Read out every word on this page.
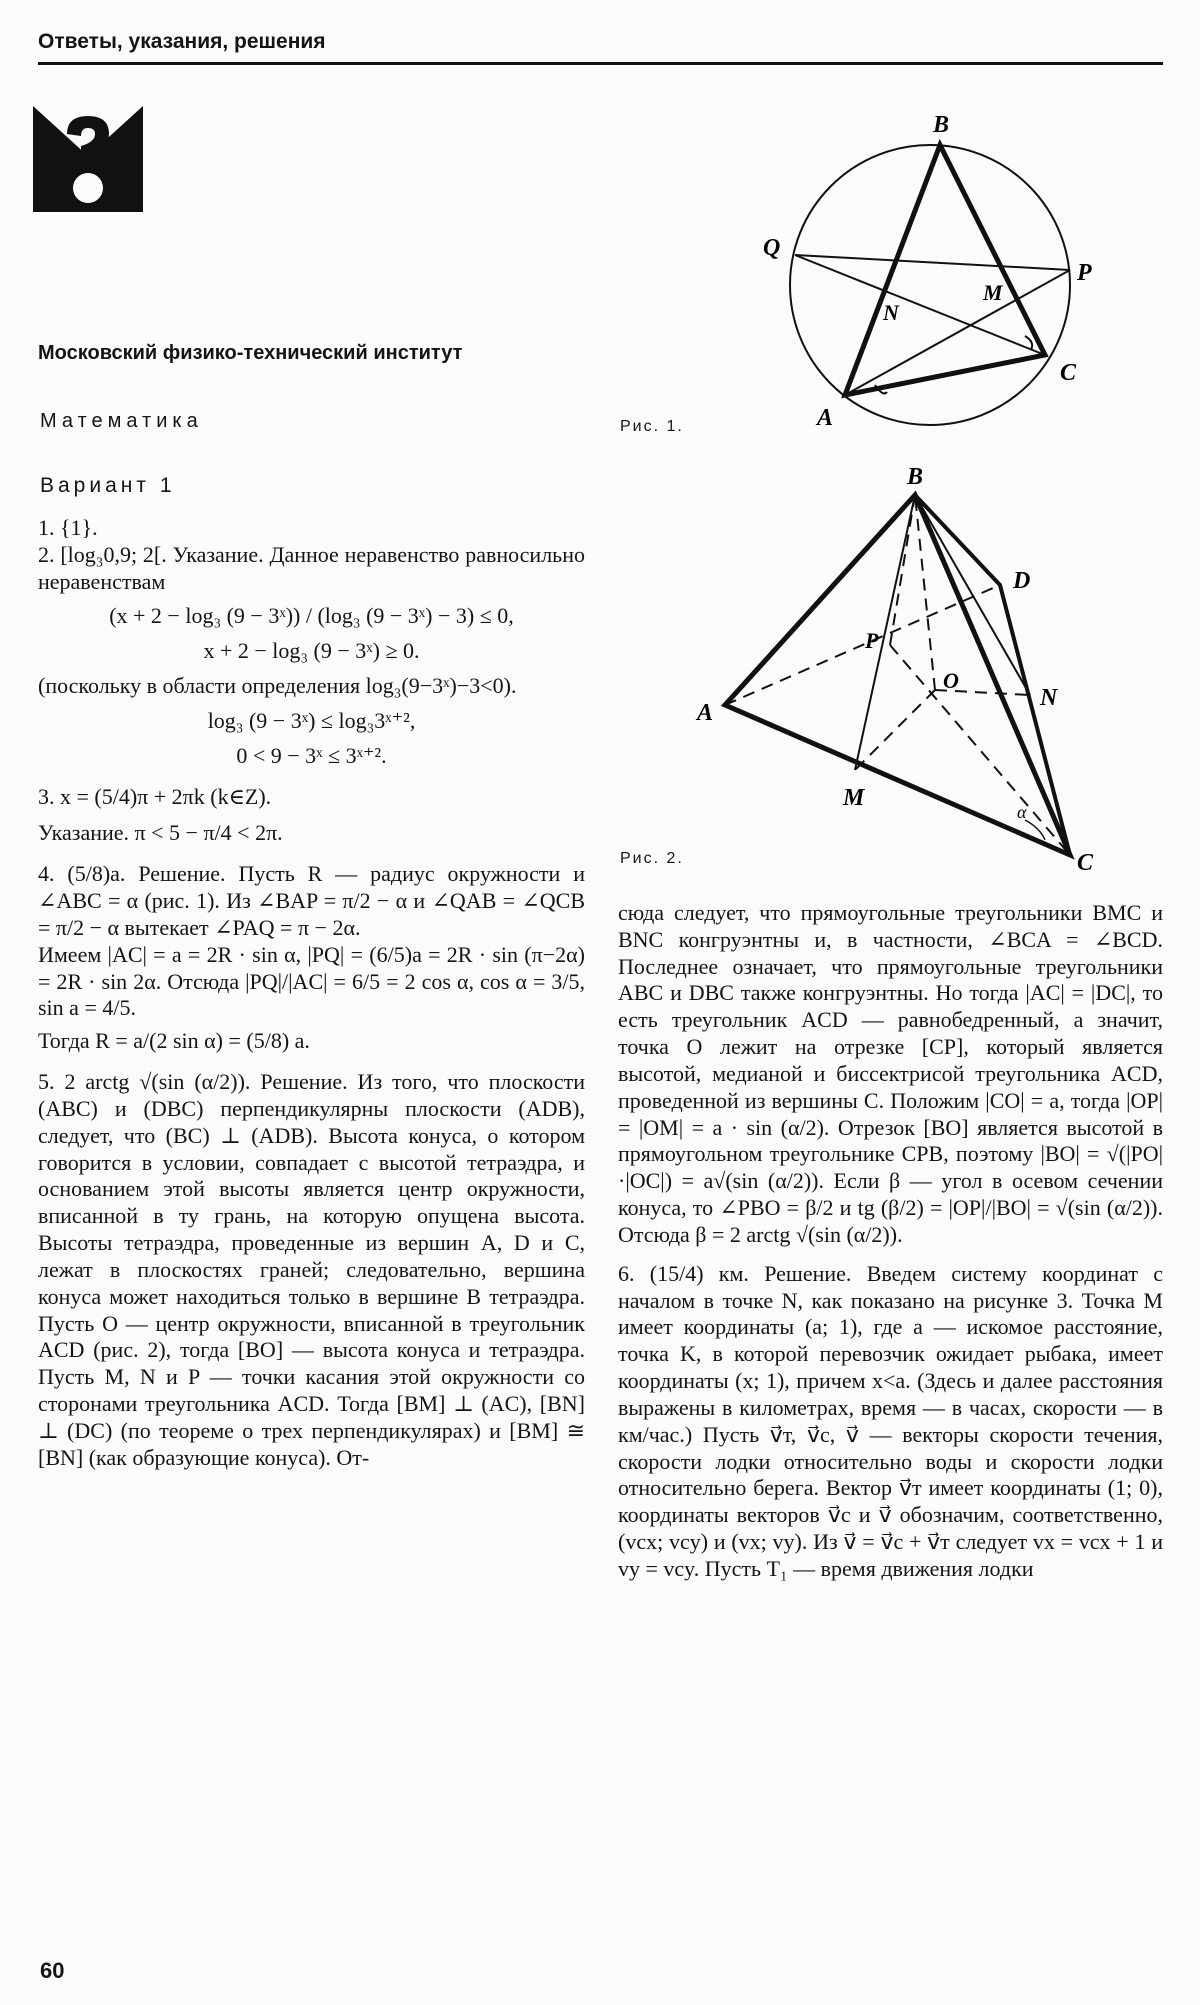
Ответы, указания, решения
Московский физико-технический институт
Математика
Вариант 1
B
Q
P
N
M
C
A
Рис. 1.
B
D
P
O
N
A
M
C
α
Рис. 2.

1. {1}.

2. [log₃0,9; 2[. Указание. Данное неравенство равносильно неравенствам

(x + 2 − log₃ (9 − 3ˣ)) / (log₃ (9 − 3ˣ) − 3) ≤ 0,

x + 2 − log₃ (9 − 3ˣ) ≥ 0.

(поскольку в области определения log₃(9−3ˣ)−3<0).

log₃ (9 − 3ˣ) ≤ log₃3ˣ⁺²,

0 < 9 − 3ˣ ≤ 3ˣ⁺².

3. x = (5/4)π + 2πk (k∈Z).

Указание. π < 5 − π/4 < 2π.

4. (5/8)a. Решение. Пусть R — радиус окружности и ∠ABC = α (рис. 1). Из ∠BAP = π/2 − α и ∠QAB = ∠QCB = π/2 − α вытекает ∠PAQ = π − 2α.

Имеем |AC| = a = 2R · sin α, |PQ| = (6/5)a = 2R · sin (π−2α) = 2R · sin 2α. Отсюда |PQ|/|AC| = 6/5 = 2 cos α, cos α = 3/5, sin a = 4/5.

Тогда R = a/(2 sin α) = (5/8) a.

5. 2 arctg √(sin (α/2)). Решение. Из того, что плоскости (ABC) и (DBC) перпендикулярны плоскости (ADB), следует, что (BC) ⊥ (ADB). Высота конуса, о котором говорится в условии, совпадает с высотой тетраэдра, и основанием этой высоты является центр окружности, вписанной в ту грань, на которую опущена высота. Высоты тетраэдра, проведенные из вершин A, D и C, лежат в плоскостях граней; следовательно, вершина конуса может находиться только в вершине B тетраэдра. Пусть O — центр окружности, вписанной в треугольник ACD (рис. 2), тогда [BO] — высота конуса и тетраэдра. Пусть M, N и P — точки касания этой окружности со сторонами треугольника ACD. Тогда [BM] ⊥ (AC), [BN] ⊥ (DC) (по теореме о трех перпендикулярах) и [BM] ≅ [BN] (как образующие конуса). От-

сюда следует, что прямоугольные треугольники BMC и BNC конгруэнтны и, в частности, ∠BCA = ∠BCD. Последнее означает, что прямоугольные треугольники ABC и DBC также конгруэнтны. Но тогда |AC| = |DC|, то есть треугольник ACD — равнобедренный, а значит, точка O лежит на отрезке [CP], который является высотой, медианой и биссектрисой треугольника ACD, проведенной из вершины C. Положим |CO| = a, тогда |OP| = |OM| = a · sin (α/2). Отрезок [BO] является высотой в прямоугольном треугольнике CPB, поэтому |BO| = √(|PO|·|OC|) = a√(sin (α/2)). Если β — угол в осевом сечении конуса, то ∠PBO = β/2 и tg (β/2) = |OP|/|BO| = √(sin (α/2)). Отсюда β = 2 arctg √(sin (α/2)).

6. (15/4) км. Решение. Введем систему координат с началом в точке N, как показано на рисунке 3. Точка M имеет координаты (a; 1), где a — искомое расстояние, точка K, в которой перевозчик ожидает рыбака, имеет координаты (x; 1), причем x<a. (Здесь и далее расстояния выражены в километрах, время — в часах, скорости — в км/час.) Пусть v⃗т, v⃗с, v⃗ — векторы скорости течения, скорости лодки относительно воды и скорости лодки относительно берега. Вектор v⃗т имеет координаты (1; 0), координаты векторов v⃗с и v⃗ обозначим, соответственно, (vcx; vcy) и (vx; vy). Из v⃗ = v⃗с + v⃗т следует vx = vcx + 1 и vy = vcy. Пусть T₁ — время движения лодки

60
